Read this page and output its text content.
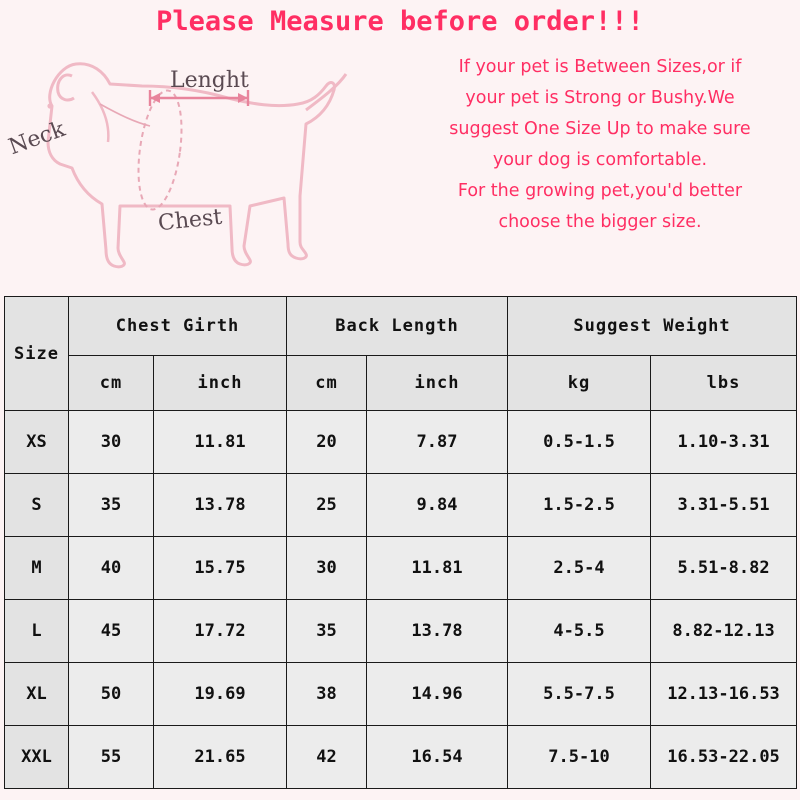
Please Measure before order!!!
Neck
Lenght
Chest

If your pet is Between Sizes,or if

your pet is Strong or Bushy.We

suggest One Size Up to make sure

your dog is comfortable.

For the growing pet,you'd better

choose the bigger size.

Size	Chest Girth		Back Length		Suggest Weight	
	cm	inch	cm	inch	kg	lbs
XS	30	11.81	20	7.87	0.5-1.5	1.10-3.31
S	35	13.78	25	9.84	1.5-2.5	3.31-5.51
M	40	15.75	30	11.81	2.5-4	5.51-8.82
L	45	17.72	35	13.78	4-5.5	8.82-12.13
XL	50	19.69	38	14.96	5.5-7.5	12.13-16.53
XXL	55	21.65	42	16.54	7.5-10	16.53-22.05
